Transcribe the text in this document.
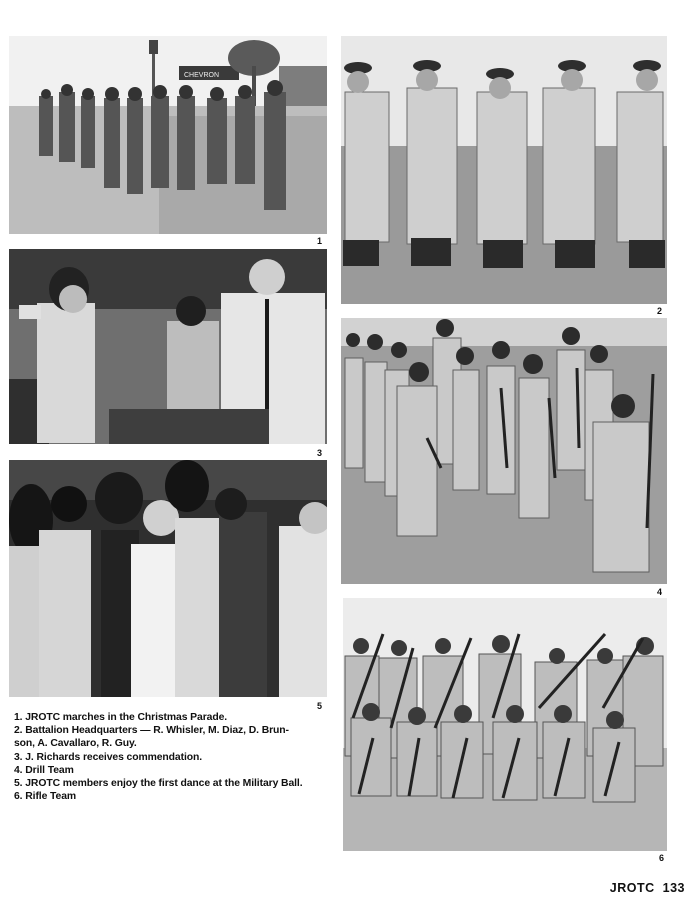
CHEVRON
1
2
3
4
5
6
1. JROTC marches in the Christmas Parade.
2. Battalion Headquarters — R. Whisler, M. Diaz, D. Brun-
son, A. Cavallaro, R. Guy.
3. J. Richards receives commendation.
4. Drill Team
5. JROTC members enjoy the first dance at the Military Ball.
6. Rifle Team
JROTC 133
